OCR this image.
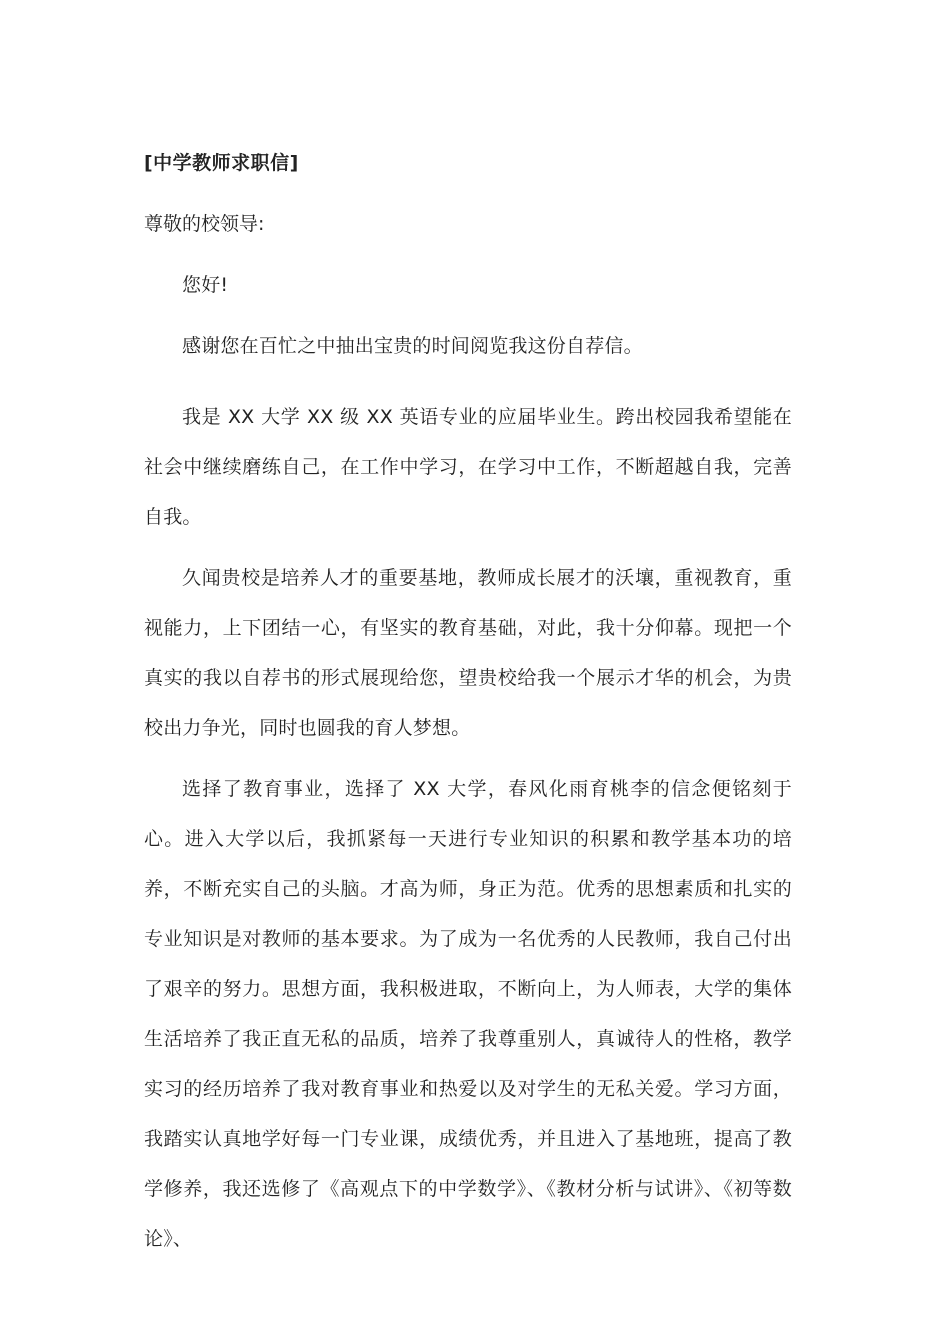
[中学教师求职信]
尊敬的校领导:
您好!
感谢您在百忙之中抽出宝贵的时间阅览我这份自荐信。
我是 XX 大学 XX 级 XX 英语专业的应届毕业生。跨出校园我希望能在社会中继续磨练自己，在工作中学习，在学习中工作，不断超越自我，完善自我。
久闻贵校是培养人才的重要基地，教师成长展才的沃壤，重视教育，重视能力，上下团结一心，有坚实的教育基础，对此，我十分仰幕。现把一个真实的我以自荐书的形式展现给您，望贵校给我一个展示才华的机会，为贵校出力争光，同时也圆我的育人梦想。
选择了教育事业，选择了 XX 大学，春风化雨育桃李的信念便铭刻于心。进入大学以后，我抓紧每一天进行专业知识的积累和教学基本功的培养，不断充实自己的头脑。才高为师，身正为范。优秀的思想素质和扎实的专业知识是对教师的基本要求。为了成为一名优秀的人民教师，我自己付出了艰辛的努力。思想方面，我积极进取，不断向上，为人师表，大学的集体生活培养了我正直无私的品质，培养了我尊重别人，真诚待人的性格，教学实习的经历培养了我对教育事业和热爱以及对学生的无私关爱。学习方面，我踏实认真地学好每一门专业课，成绩优秀，并且进入了基地班，提高了教学修养，我还选修了《高观点下的中学数学》、《教材分析与试讲》、《初等数论》、
